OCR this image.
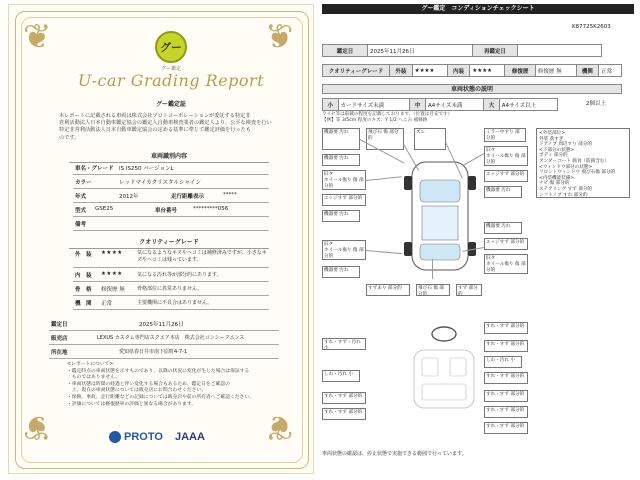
❦	❦
❦	❦
グー
グー鑑定
U-car Grading Report
グー鑑定証
本レポートに記載される車両は株式会社プロトコーポレーションが委託する特定非
営利活動法人日本自動車鑑定協会の鑑定人自動車検査業者の鑑定人より、公平な検査を行い
特定非営利活動法人日本自動車鑑定協会の定める基準に準じて鑑定評価を行ったも
のです。
車両識別内容
車名・グレード IS IS250 バージョンL
カラー	レッドマイカクリスタルシャイン
年式	2012年	走行距離表示	*****
型式 GSE25	車台番号	*********056
備考
クオリティーグレード
外　装 ★★★★	気になるようなキズやヘコミは補修済みですが、小さなキズやヘコミは残っています。
内　装 ★★★★	気になる汚れ等が部分的にあります。
骨　格 修復歴 無 骨格部位に異常ありません。
機　関 正常	主要機関に不具合はありません。
鑑定日	2025年11月26日
販売店	LEXUS カスタム専門店スクエア本店　株式会社コンシークエンス
所在地	愛知県春日井市南下原町4-7-1
<レポートについて>
・鑑定時点の車両状態を示すものであり、以降の状況に変化が生じた場合は保証する
　ものではありません。
・車両状態は時間の経過と伴い変化する場合もあるため、鑑定日をご確認の
　上、現在の車両状態については販売店にお問合わせください。
・保険、事故、走行距離などの記録については販売店や前の所有者へご確認ください。
・評価については修復歴車の評価と異なる場合があります。
PROTO JAAA
グー鑑定　コンディションチェックシート
K87725K2603
鑑定日	2025年11月26日	再鑑定日	
クオリティーグレード	外装	★★★★	内装	★★★★	修復歴	修復歴 無	機関	正常
車両状態の説明
小	カードサイズ未満	中	A4サイズ未満	大	A4サイズ以上	2個以上
ライセ等は前載の程度を記載しております。（位置は目安です）
【例】等 3/5cm 程度のキズ：Y 1/2 へこみ 補修跡
機器要 汚れ	飛び石 傷 部分的
ズレ
機器要 汚れ
旧タ
ホイール傷り 傷 部分的
ミラー中すり 部分的
旧タ
ホイール傷り 傷 部分的
エッジすず 部分的
エッジすず 部分的
機器要 汚れ
機器要 汚れ
機器要 汚れ
エッジすず 部分的
旧タ
ホイール傷り 傷 部分的	旧タ
ホイール傷り 傷 部分的
飛び石 傷 部分的
すずあり 部分的	すず 部分的
すれ・すず 部分的
すれ・すず・汚れ 小
機器要 汚れ
すれ・すず 部分的
しわ・汚れ 小
しわ・汚れ 小
すれ・すず 部分的
すれ・すず 部分的	すれ・すず 部分的
すれ・すず 部分的
すれ・すず 部分的
すれ・すず 部分的
<外装部位>
外装 落すぎ
ドアノブ 周辺すり 部分的
<下部分の状態>
ボディ 部分的
アンダーコート 腐食（防錆含む）
<ウィンドウ部分の状態>
フロントウィンドウ 飛び石傷 部分的
<内装機能装備>
ナビ 傷 部分的
ステアリング すず 部分的
シフトノブ すれ 部分的
車両状態の確認は、停止状態で実施できる範囲で行っています。
